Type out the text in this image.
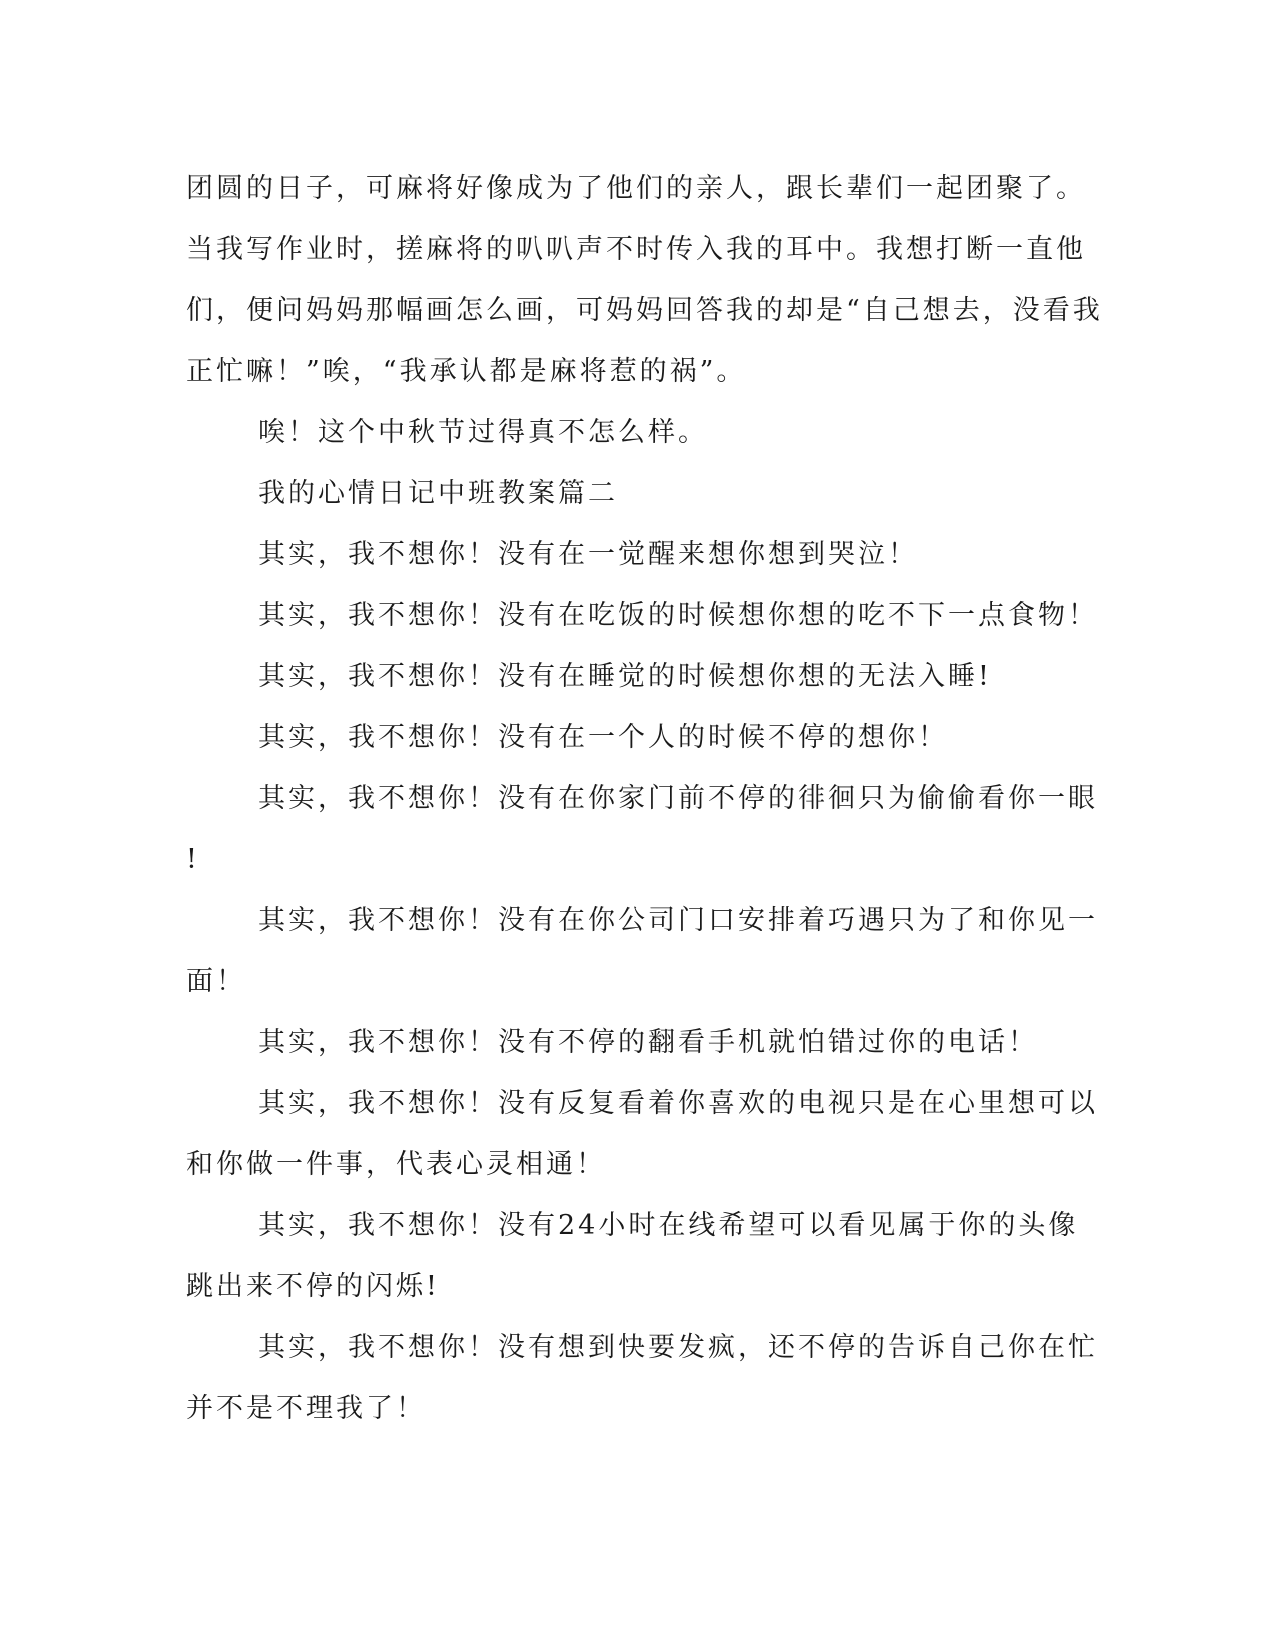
团圆的日子，可麻将好像成为了他们的亲人，跟长辈们一起团聚了。
当我写作业时，搓麻将的叭叭声不时传入我的耳中。我想打断一直他
们，便问妈妈那幅画怎么画，可妈妈回答我的却是“自己想去，没看我
正忙嘛！”唉，“我承认都是麻将惹的祸”。
唉！这个中秋节过得真不怎么样。
我的心情日记中班教案篇二
其实，我不想你！没有在一觉醒来想你想到哭泣！
其实，我不想你！没有在吃饭的时候想你想的吃不下一点食物！
其实，我不想你！没有在睡觉的时候想你想的无法入睡!
其实，我不想你！没有在一个人的时候不停的想你！
其实，我不想你！没有在你家门前不停的徘徊只为偷偷看你一眼
!
其实，我不想你！没有在你公司门口安排着巧遇只为了和你见一
面！
其实，我不想你！没有不停的翻看手机就怕错过你的电话！
其实，我不想你！没有反复看着你喜欢的电视只是在心里想可以
和你做一件事，代表心灵相通！
其实，我不想你！没有24小时在线希望可以看见属于你的头像
跳出来不停的闪烁!
其实，我不想你！没有想到快要发疯，还不停的告诉自己你在忙
并不是不理我了！
